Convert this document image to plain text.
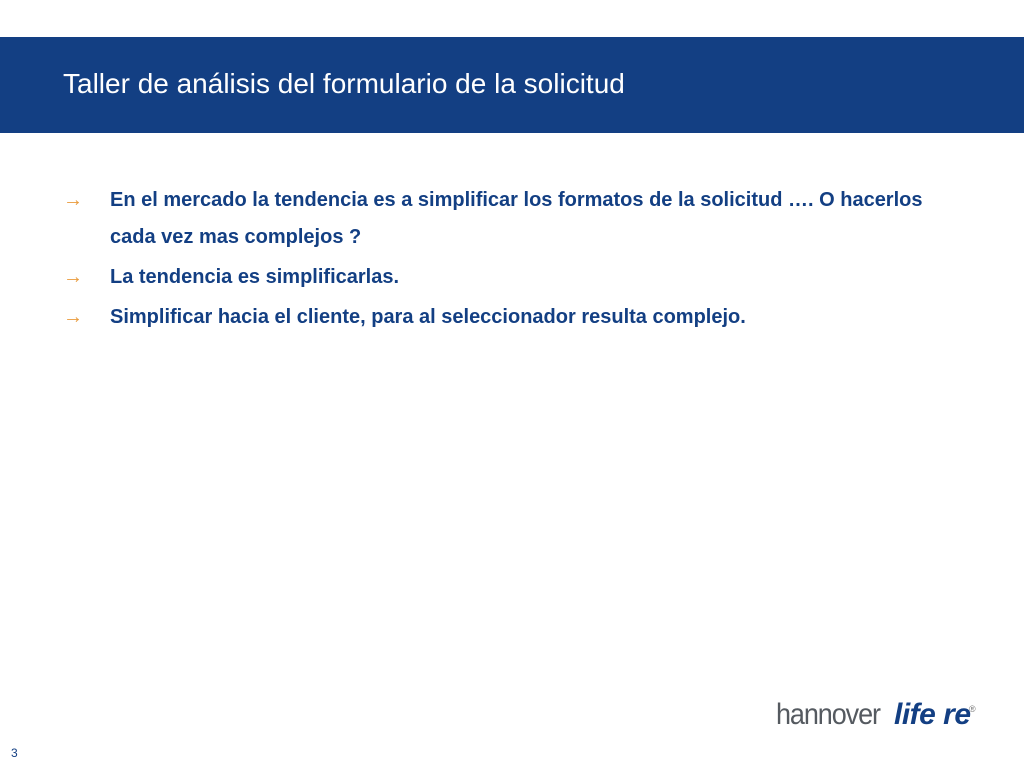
Taller de análisis del formulario de la solicitud
→ En el mercado la tendencia es a simplificar los formatos de la solicitud …. O hacerlos cada vez mas complejos ?
→ La tendencia es simplificarlas.
→ Simplificar hacia el cliente, para al seleccionador resulta complejo.
hannover life re
®
3
